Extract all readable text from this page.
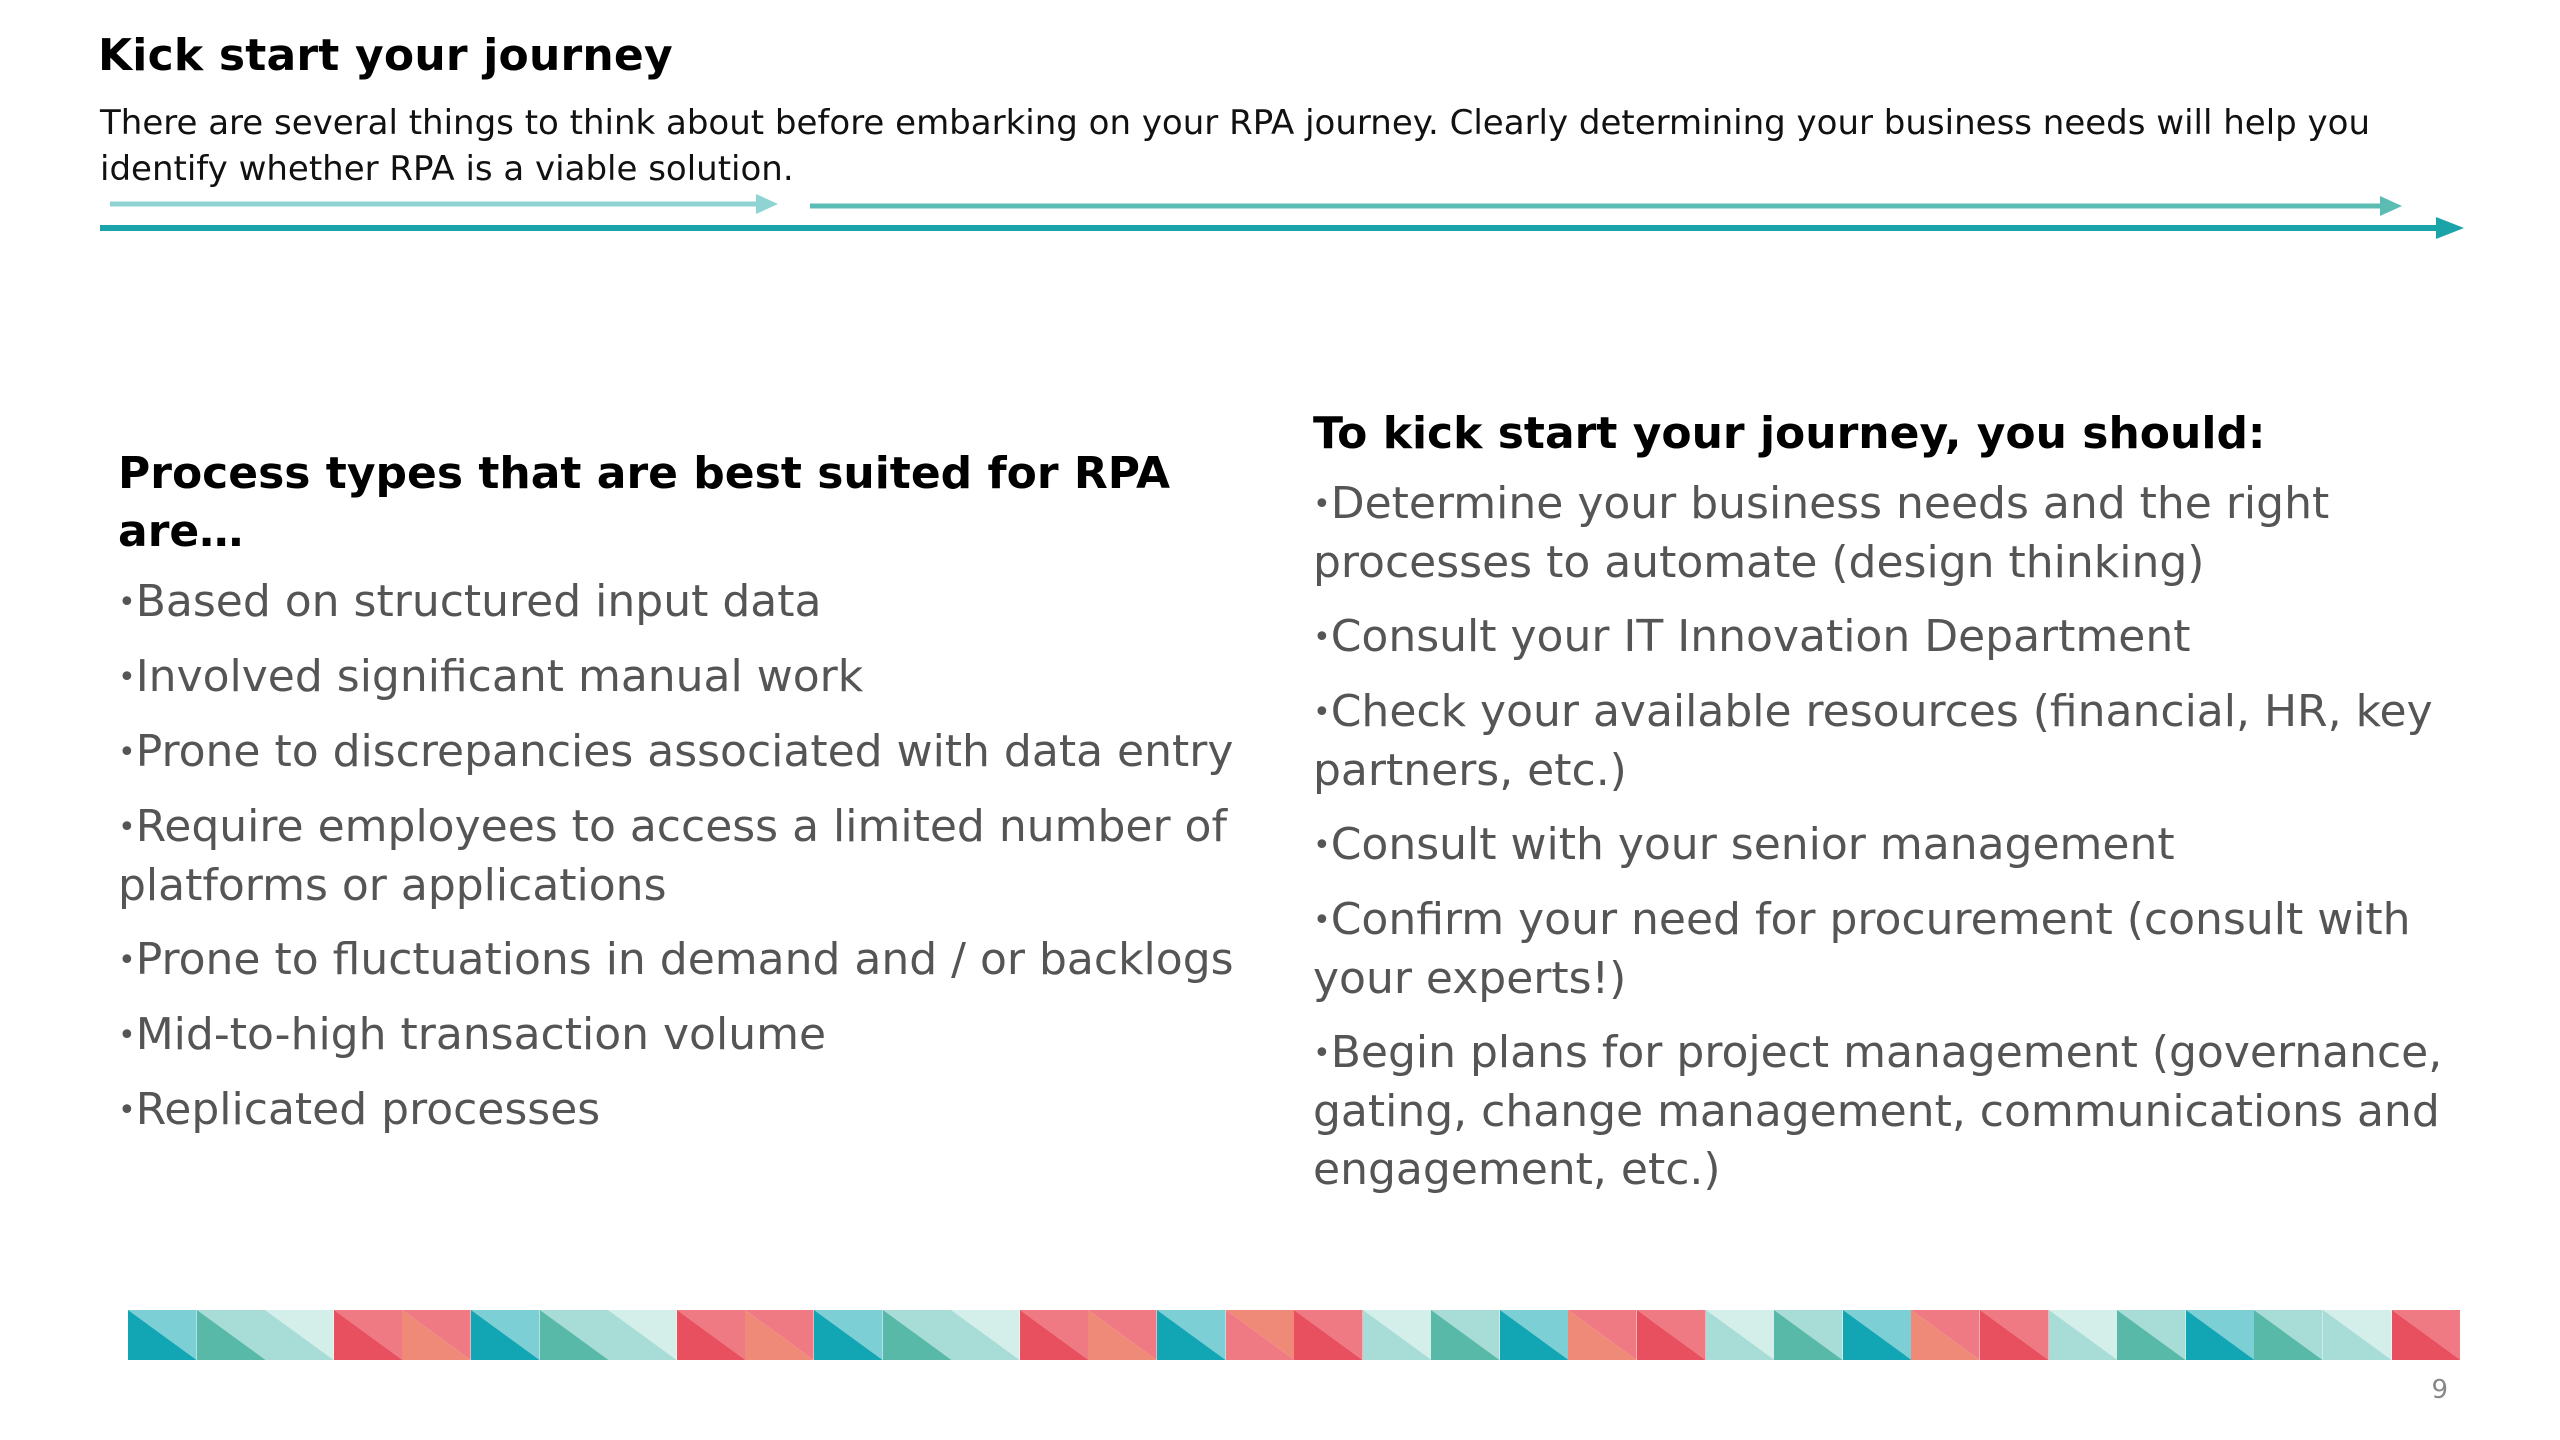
Kick start your journey
There are several things to think about before embarking on your RPA journey. Clearly determining your business needs will help you identify whether RPA is a viable solution.
Process types that are best suited for RPA are…
•Based on structured input data
•Involved significant manual work
•Prone to discrepancies associated with data entry
•Require employees to access a limited number of platforms or applications
•Prone to fluctuations in demand and / or backlogs
•Mid-to-high transaction volume
•Replicated processes
To kick start your journey, you should:
•Determine your business needs and the right processes to automate (design thinking)
•Consult your IT Innovation Department
•Check your available resources (financial, HR, key partners, etc.)
•Consult with your senior management
•Confirm your need for procurement (consult with your experts!)
•Begin plans for project management (governance, gating, change management, communications and engagement, etc.)
9
